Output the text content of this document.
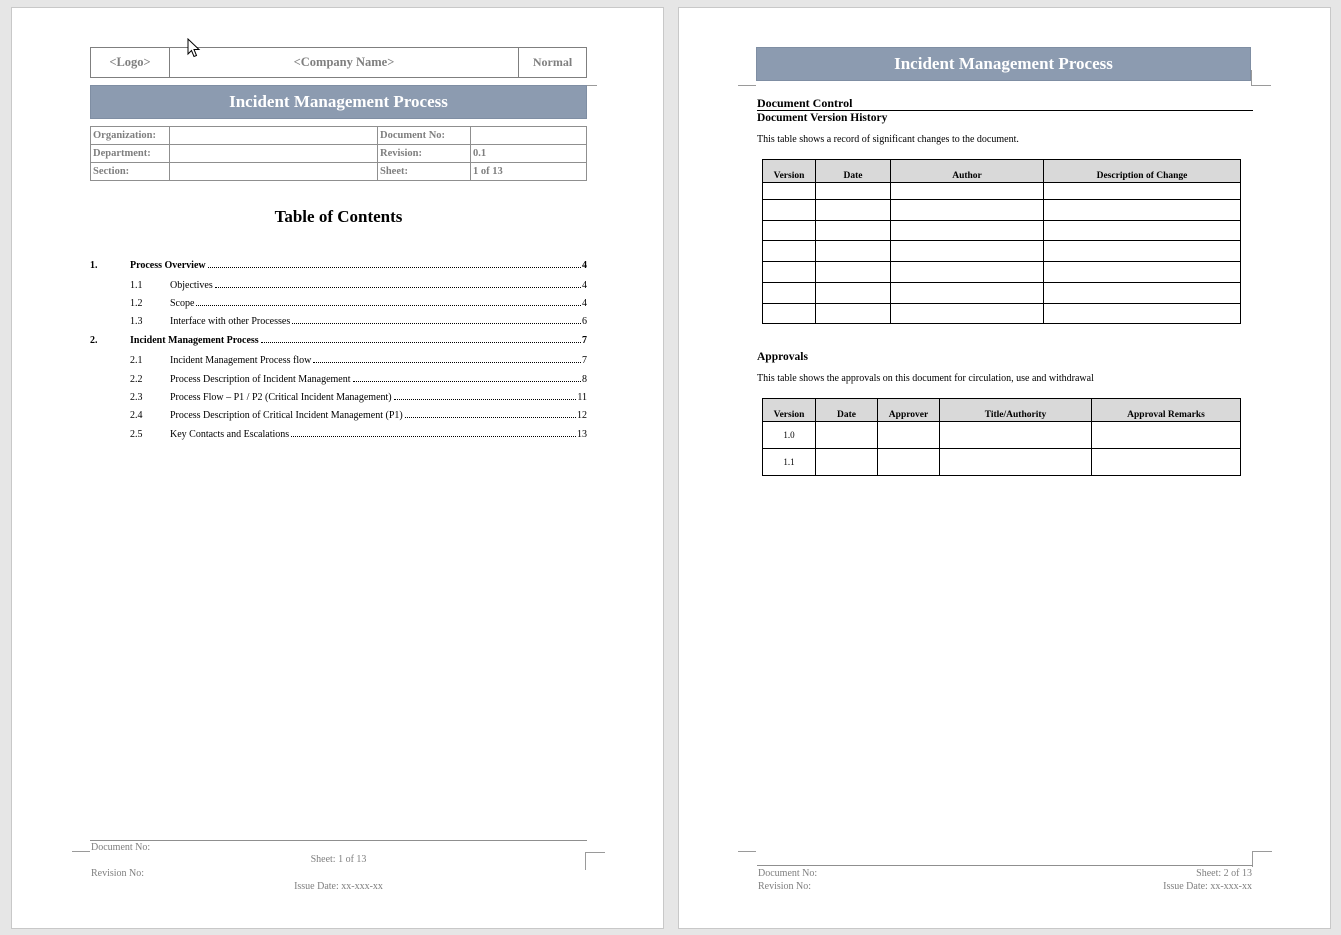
<Logo>	<Company Name>	Normal
Incident Management Process
Organization:		Document No:	
Department:		Revision:	0.1
Section:		Sheet:	1 of 13
Table of Contents
1.	Process Overview	4
1.1	Objectives	4
1.2	Scope	4
1.3	Interface with other Processes	6
2.	Incident Management Process	7
2.1	Incident Management Process flow	7
2.2	Process Description of Incident Management	8
2.3	Process Flow – P1 / P2 (Critical Incident Management)	11
2.4	Process Description of Critical Incident Management (P1)	12
2.5	Key Contacts and Escalations	13
Document No:
Revision No:
Sheet: 1 of 13
Issue Date: xx-xxx-xx
Incident Management Process
Document Control
Document Version History
This table shows a record of significant changes to the document.
Version	Date	Author	Description of Change

Approvals
This table shows the approvals on this document for circulation, use and withdrawal
Version	Date	Approver	Title/Authority	Approval Remarks
1.0				
1.1				
Document No:
Revision No:
Sheet: 2 of 13
Issue Date: xx-xxx-xx
